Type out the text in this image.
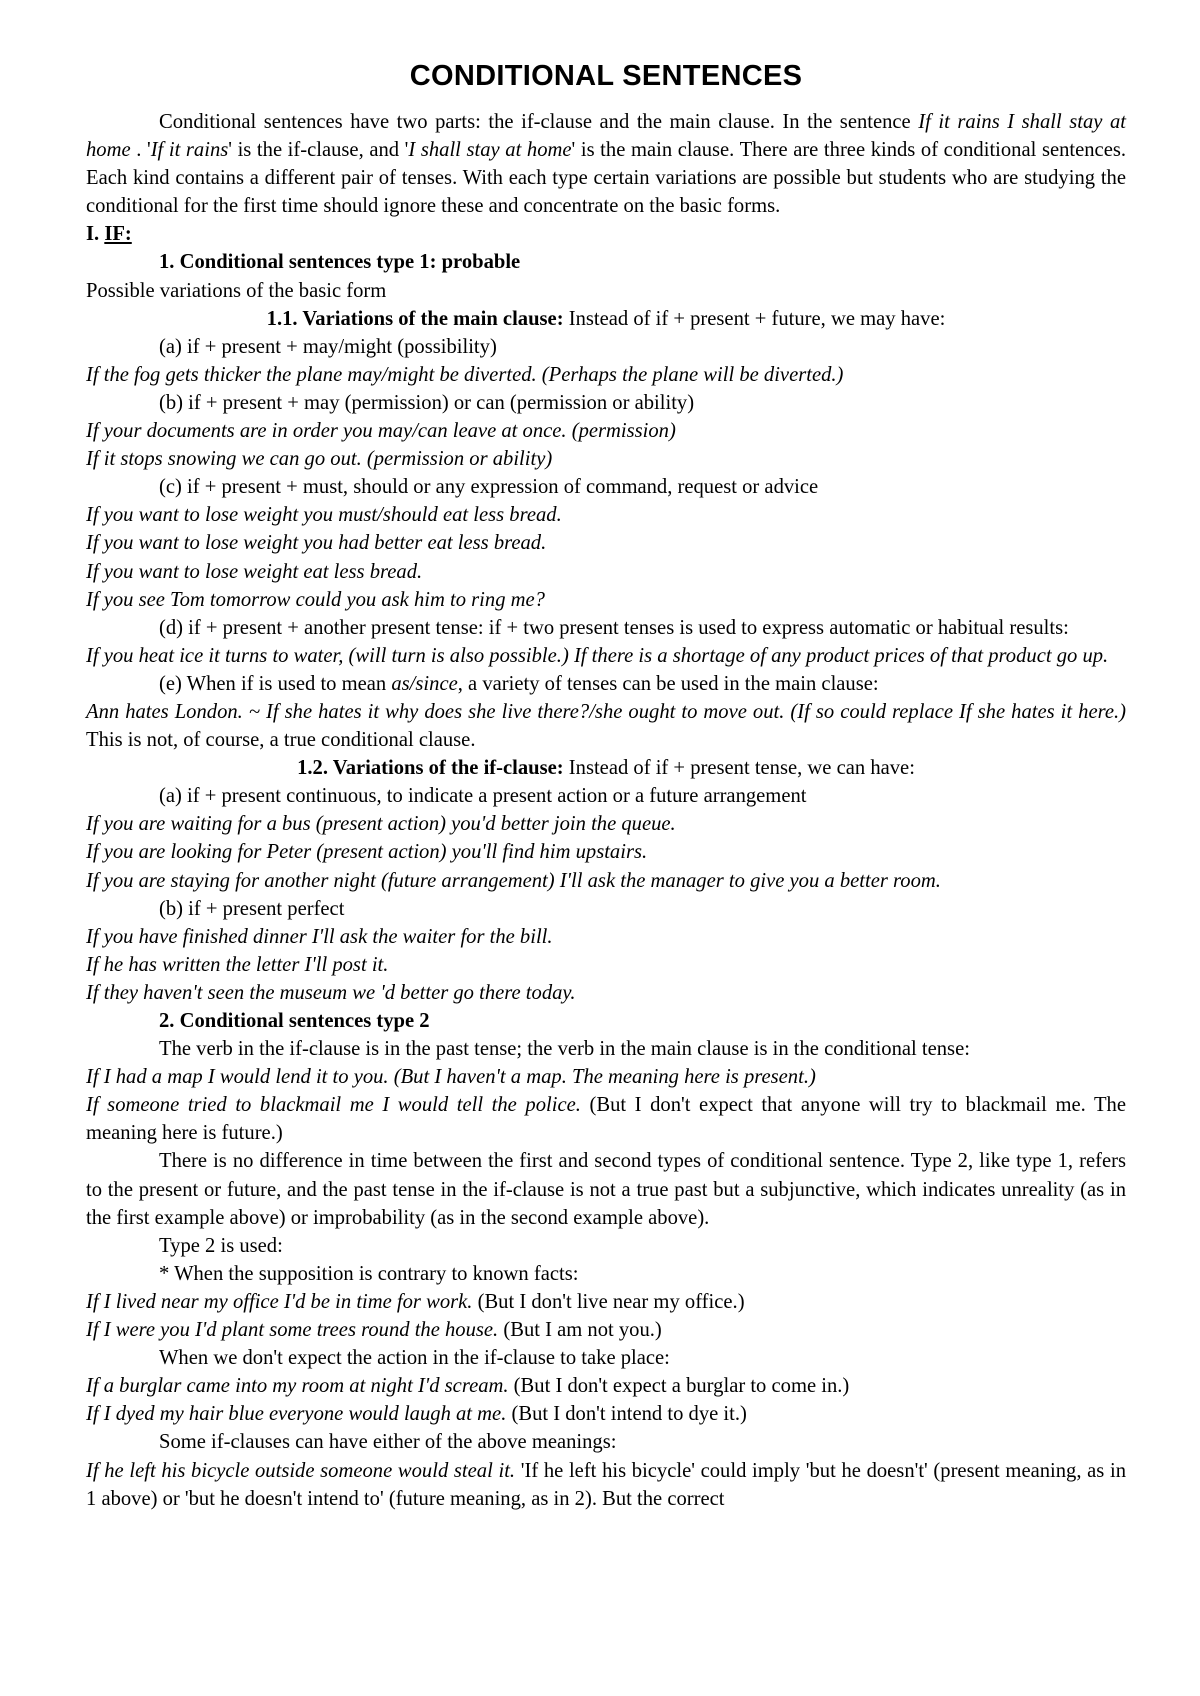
CONDITIONAL SENTENCES

Conditional sentences have two parts: the if-clause and the main clause. In the sentence If it rains I shall stay at home . 'If it rains' is the if-clause, and 'I shall stay at home' is the main clause. There are three kinds of conditional sentences. Each kind contains a different pair of tenses. With each type certain variations are possible but students who are studying the conditional for the first time should ignore these and concentrate on the basic forms.

I. IF:

1. Conditional sentences type 1: probable

Possible variations of the basic form

1.1. Variations of the main clause: Instead of if + present + future, we may have:

(a) if + present + may/might (possibility)

If the fog gets thicker the plane may/might be diverted. (Perhaps the plane will be diverted.)

(b) if + present + may (permission) or can (permission or ability)

If your documents are in order you may/can leave at once. (permission)

If it stops snowing we can go out. (permission or ability)

(c) if + present + must, should or any expression of command, request or advice

If you want to lose weight you must/should eat less bread.

If you want to lose weight you had better eat less bread.

If you want to lose weight eat less bread.

If you see Tom tomorrow could you ask him to ring me?

(d) if + present + another present tense: if + two present tenses is used to express automatic or habitual results:

If you heat ice it turns to water, (will turn is also possible.) If there is a shortage of any product prices of that product go up.

(e) When if is used to mean as/since, a variety of tenses can be used in the main clause:

Ann hates London. ~ If she hates it why does she live there?/she ought to move out. (If so could replace If she hates it here.) This is not, of course, a true conditional clause.

1.2. Variations of the if-clause: Instead of if + present tense, we can have:

(a) if + present continuous, to indicate a present action or a future arrangement

If you are waiting for a bus (present action) you'd better join the queue.

If you are looking for Peter (present action) you'll find him upstairs.

If you are staying for another night (future arrangement) I'll ask the manager to give you a better room.

(b) if + present perfect

If you have finished dinner I'll ask the waiter for the bill.

If he has written the letter I'll post it.

If they haven't seen the museum we 'd better go there today.

2. Conditional sentences type 2

The verb in the if-clause is in the past tense; the verb in the main clause is in the conditional tense:

If I had a map I would lend it to you. (But I haven't a map. The meaning here is present.)

If someone tried to blackmail me I would tell the police. (But I don't expect that anyone will try to blackmail me. The meaning here is future.)

There is no difference in time between the first and second types of conditional sentence. Type 2, like type 1, refers to the present or future, and the past tense in the if-clause is not a true past but a subjunctive, which indicates unreality (as in the first example above) or improbability (as in the second example above).

Type 2 is used:

* When the supposition is contrary to known facts:

If I lived near my office I'd be in time for work. (But I don't live near my office.)

If I were you I'd plant some trees round the house. (But I am not you.)

When we don't expect the action in the if-clause to take place:

If a burglar came into my room at night I'd scream. (But I don't expect a burglar to come in.)

If I dyed my hair blue everyone would laugh at me. (But I don't intend to dye it.)

Some if-clauses can have either of the above meanings:

If he left his bicycle outside someone would steal it. 'If he left his bicycle' could imply 'but he doesn't' (present meaning, as in 1 above) or 'but he doesn't intend to' (future meaning, as in 2). But the correct
